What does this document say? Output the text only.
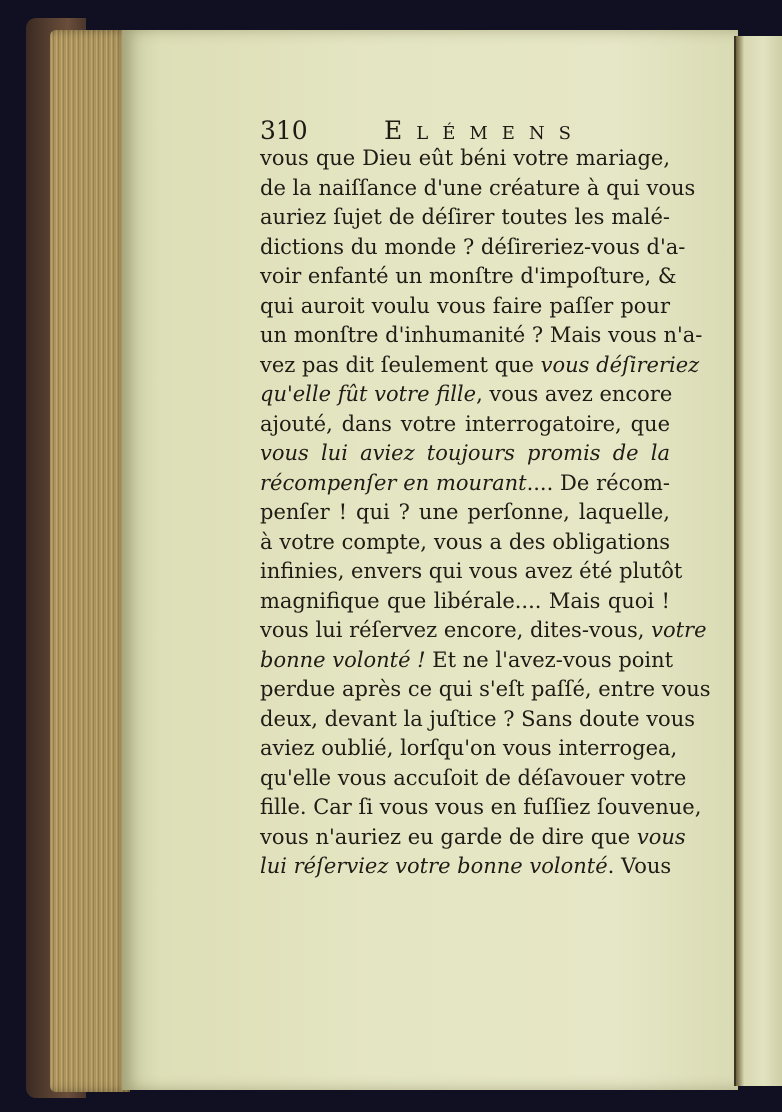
310	Elémens
vous que Dieu eût béni votre mariage,
de la naiſſance d'une créature à qui vous
auriez ſujet de déſirer toutes les malé-
dictions du monde ? déſireriez-vous d'a-
voir enfanté un monſtre d'impoſture, &
qui auroit voulu vous faire paſſer pour
un monſtre d'inhumanité ? Mais vous n'a-
vez pas dit ſeulement que vous déſireriez
qu'elle fût votre fille, vous avez encore
ajouté, dans votre interrogatoire, que
vous lui aviez toujours promis de la
récompenſer en mourant.... De récom-
penſer ! qui ? une perſonne, laquelle,
à votre compte, vous a des obligations
infinies, envers qui vous avez été plutôt
magnifique que libérale.... Mais quoi !
vous lui réſervez encore, dites-vous, votre
bonne volonté ! Et ne l'avez-vous point
perdue après ce qui s'eſt paſſé, entre vous
deux, devant la juſtice ? Sans doute vous
aviez oublié, lorſqu'on vous interrogea,
qu'elle vous accuſoit de déſavouer votre
fille. Car ſi vous vous en fuſſiez ſouvenue,
vous n'auriez eu garde de dire que vous
lui réſerviez votre bonne volonté. Vous
